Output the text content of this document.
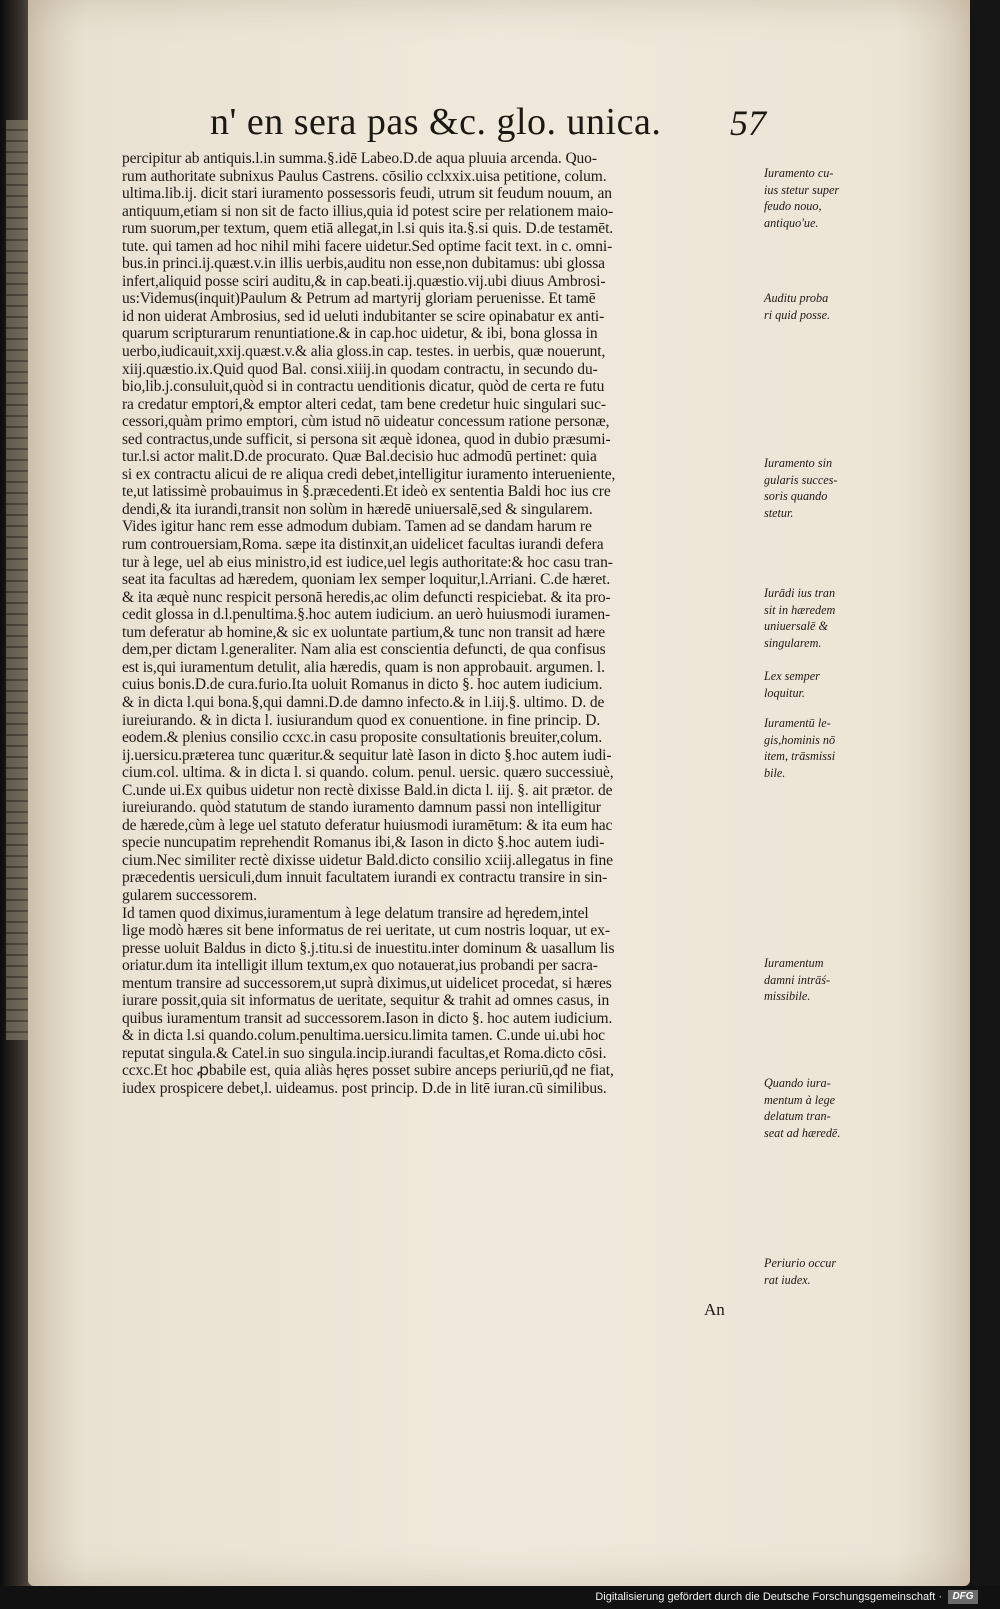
n' en sera pas &c. glo. unica. 57
percipitur ab antiquis.l.in summa.§.idē Labeo.D.de aqua pluuia arcenda. Quo-
rum authoritate subnixus Paulus Castrens. cōsilio cclxxix.uisa petitione, colum.
ultima.lib.ij. dicit stari iuramento possessoris feudi, utrum sit feudum nouum, an
antiquum,etiam si non sit de facto illius,quia id potest scire per relationem maio-
rum suorum,per textum, quem etiā allegat,in l.si quis ita.§.si quis. D.de testamēt.
tute. qui tamen ad hoc nihil mihi facere uidetur.Sed optime facit text. in c. omni-
bus.in princi.ij.quæst.v.in illis uerbis,auditu non esse,non dubitamus: ubi glossa
infert,aliquid posse sciri auditu,& in cap.beati.ij.quæstio.vij.ubi diuus Ambrosi-
us:Videmus(inquit)Paulum & Petrum ad martyrij gloriam peruenisse. Et tamē
id non uiderat Ambrosius, sed id ueluti indubitanter se scire opinabatur ex anti-
quarum scripturarum renuntiatione.& in cap.hoc uidetur, & ibi, bona glossa in
uerbo,iudicauit,xxij.quæst.v.& alia gloss.in cap. testes. in uerbis, quæ nouerunt,
xiij.quæstio.ix.Quid quod Bal. consi.xiiij.in quodam contractu, in secundo du-
bio,lib.j.consuluit,quòd si in contractu uenditionis dicatur, quòd de certa re futu
ra credatur emptori,& emptor alteri cedat, tam bene credetur huic singulari suc-
cessori,quàm primo emptori, cùm istud nō uideatur concessum ratione personæ,
sed contractus,unde sufficit, si persona sit æquè idonea, quod in dubio præsumi-
tur.l.si actor malit.D.de procurato. Quæ Bal.decisio huc admodū pertinet: quia
si ex contractu alicui de re aliqua credi debet,intelligitur iuramento interueniente,
te,ut latissimè probauimus in §.præcedenti.Et ideò ex sententia Baldi hoc ius cre
dendi,& ita iurandi,transit non solùm in hæredē uniuersalē,sed & singularem.
Vides igitur hanc rem esse admodum dubiam. Tamen ad se dandam harum re
rum controuersiam,Roma. sæpe ita distinxit,an uidelicet facultas iurandi defera
tur à lege, uel ab eius ministro,id est iudice,uel legis authoritate:& hoc casu tran-
seat ita facultas ad hæredem, quoniam lex semper loquitur,l.Arriani. C.de hæret.
& ita æquè nunc respicit personā heredis,ac olim defuncti respiciebat. & ita pro-
cedit glossa in d.l.penultima.§.hoc autem iudicium. an uerò huiusmodi iuramen-
tum deferatur ab homine,& sic ex uoluntate partium,& tunc non transit ad hære
dem,per dictam l.generaliter. Nam alia est conscientia defuncti, de qua confisus
est is,qui iuramentum detulit, alia hæredis, quam is non approbauit. argumen. l.
cuius bonis.D.de cura.furio.Ita uoluit Romanus in dicto §. hoc autem iudicium.
& in dicta l.qui bona.§,qui damni.D.de damno infecto.& in l.iij.§. ultimo. D. de
iureiurando. & in dicta l. iusiurandum quod ex conuentione. in fine princip. D.
eodem.& plenius consilio ccxc.in casu proposite consultationis breuiter,colum.
ij.uersicu.præterea tunc quæritur.& sequitur latè Iason in dicto §.hoc autem iudi-
cium.col. ultima. & in dicta l. si quando. colum. penul. uersic. quæro successiuè,
C.unde ui.Ex quibus uidetur non rectè dixisse Bald.in dicta l. iij. §. ait prætor. de
iureiurando. quòd statutum de stando iuramento damnum passi non intelligitur
de hærede,cùm à lege uel statuto deferatur huiusmodi iuramētum: & ita eum hac
specie nuncupatim reprehendit Romanus ibi,& Iason in dicto §.hoc autem iudi-
cium.Nec similiter rectè dixisse uidetur Bald.dicto consilio xciij.allegatus in fine
præcedentis uersiculi,dum innuit facultatem iurandi ex contractu transire in sin-
gularem successorem.
Id tamen quod diximus,iuramentum à lege delatum transire ad hęredem,intel
lige modò hæres sit bene informatus de rei ueritate, ut cum nostris loquar, ut ex-
presse uoluit Baldus in dicto §.j.titu.si de inuestitu.inter dominum & uasallum lis
oriatur.dum ita intelligit illum textum,ex quo notauerat,ius probandi per sacra-
mentum transire ad successorem,ut suprà diximus,ut uidelicet procedat, si hæres
iurare possit,quia sit informatus de ueritate, sequitur & trahit ad omnes casus, in
quibus iuramentum transit ad successorem.Iason in dicto §. hoc autem iudicium.
& in dicta l.si quando.colum.penultima.uersicu.limita tamen. C.unde ui.ubi hoc
reputat singula.& Catel.in suo singula.incip.iurandi facultas,et Roma.dicto cōsi.
ccxc.Et hoc ꝓbabile est, quia aliàs hęres posset subire anceps periuriū,qđ ne fiat,
iudex prospicere debet,l. uideamus. post princip. D.de in litē iuran.cū similibus.
Iuramento cu-
ius stetur super
feudo nouo,
antiquo'ue.
Auditu proba
ri quid posse.
Iuramento sin
gularis succes-
soris quando
stetur.
Iurādi ius tran
sit in hæredem
uniuersalē &
singularem.
Lex semper
loquitur.
Iuramentū le-
gis,hominis nō
item, trāsmissi
bile.
Iuramentum
damni intrāś-
missibile.
Quando iura-
mentum à lege
delatum tran-
seat ad hæredē.
Periurio occur
rat iudex.
An
Digitalisierung gefördert durch die Deutsche Forschungsgemeinschaft ·	DFG
